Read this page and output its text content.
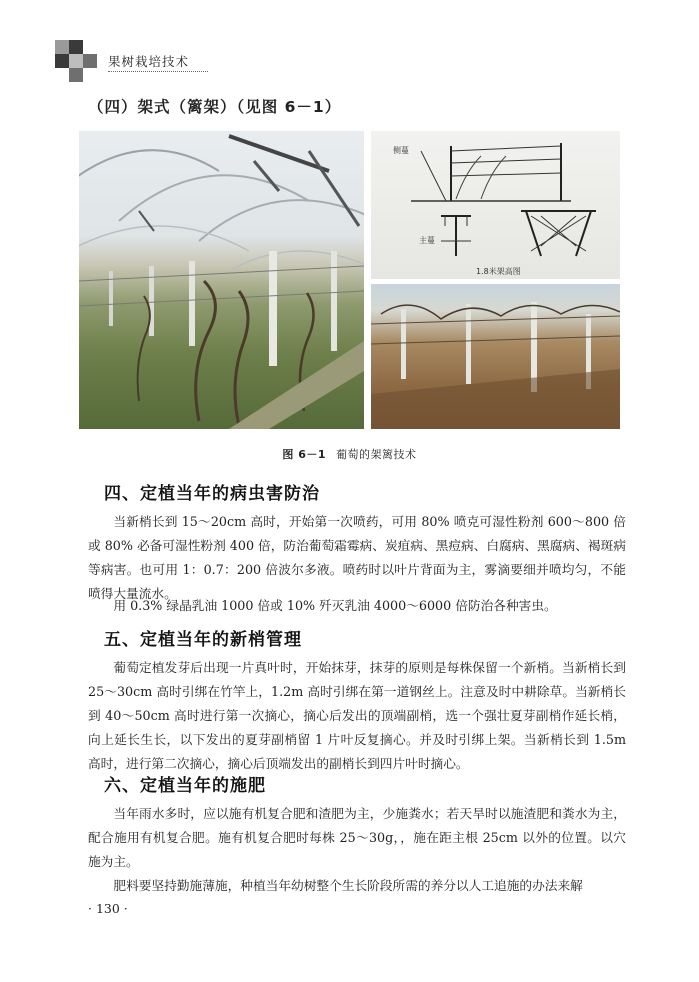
果树栽培技术
（四）架式（篱架）（见图 6－1）
侧蔓
主蔓
1.8米架高图
图 6－1 葡萄的架篱技术
四、定植当年的病虫害防治

当新梢长到 15～20cm 高时，开始第一次喷药，可用 80% 喷克可湿性粉剂 600～800 倍或 80% 必备可湿性粉剂 400 倍，防治葡萄霜霉病、炭疽病、黑痘病、白腐病、黑腐病、褐斑病等病害。也可用 1：0.7：200 倍波尔多液。喷药时以叶片背面为主，雾滴要细并喷均匀，不能喷得大量流水。

用 0.3% 绿晶乳油 1000 倍或 10% 歼灭乳油 4000～6000 倍防治各种害虫。

五、定植当年的新梢管理

葡萄定植发芽后出现一片真叶时，开始抹芽，抹芽的原则是每株保留一个新梢。当新梢长到 25～30cm 高时引绑在竹竿上，1.2m 高时引绑在第一道钢丝上。注意及时中耕除草。当新梢长到 40～50cm 高时进行第一次摘心，摘心后发出的顶端副梢，选一个强壮夏芽副梢作延长梢，向上延长生长，以下发出的夏芽副梢留 1 片叶反复摘心。并及时引绑上架。当新梢长到 1.5m 高时，进行第二次摘心，摘心后顶端发出的副梢长到四片叶时摘心。

六、定植当年的施肥

当年雨水多时，应以施有机复合肥和渣肥为主，少施粪水；若天旱时以施渣肥和粪水为主，配合施用有机复合肥。施有机复合肥时每株 25～30g，，施在距主根 25cm 以外的位置。以穴施为主。

肥料要坚持勤施薄施，种植当年幼树整个生长阶段所需的养分以人工追施的办法来解

· 130 ·
